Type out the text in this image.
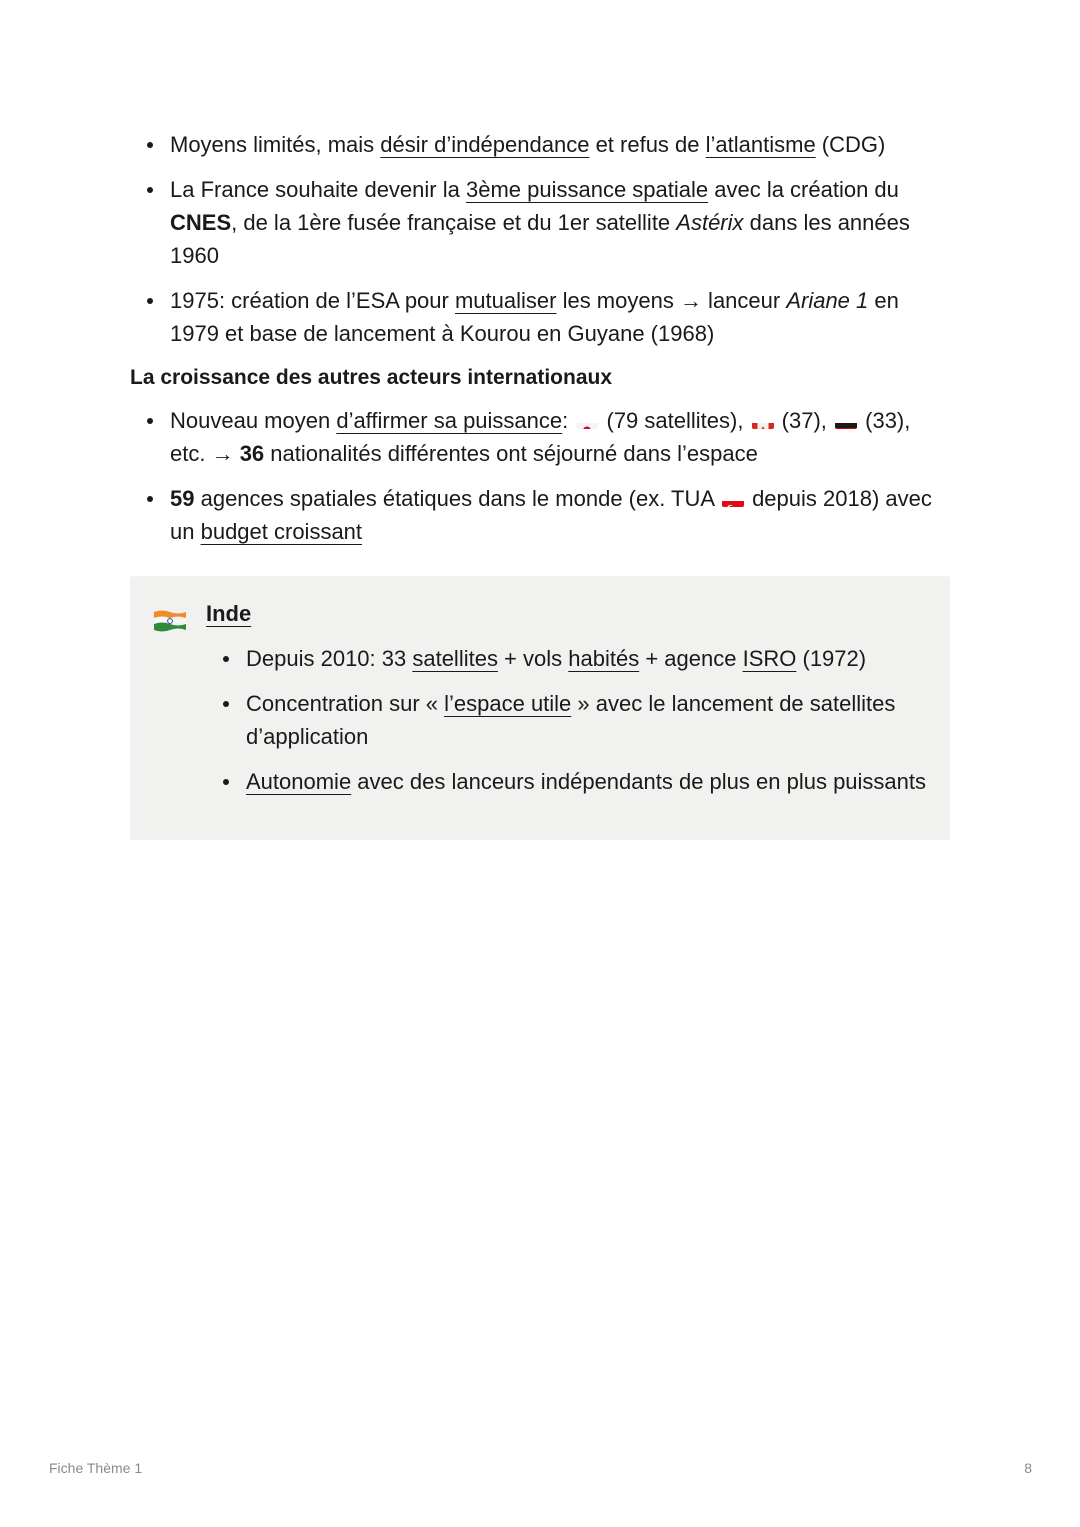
Moyens limités, mais désir d’indépendance et refus de l’atlantisme (CDG)
La France souhaite devenir la 3ème puissance spatiale avec la création du CNES, de la 1ère fusée française et du 1er satellite Astérix dans les années 1960
1975: création de l’ESA pour mutualiser les moyens → lanceur Ariane 1 en 1979 et base de lancement à Kourou en Guyane (1968)
La croissance des autres acteurs internationaux
Nouveau moyen d’affirmer sa puissance:  (79 satellites),  (37),  (33), etc. → 36 nationalités différentes ont séjourné dans l’espace
59 agences spatiales étatiques dans le monde (ex. TUA  depuis 2018) avec un budget croissant
Inde
Depuis 2010: 33 satellites + vols habités + agence ISRO (1972)
Concentration sur « l’espace utile » avec le lancement de satellites d’application
Autonomie avec des lanceurs indépendants de plus en plus puissants
Fiche Thème 1	8
